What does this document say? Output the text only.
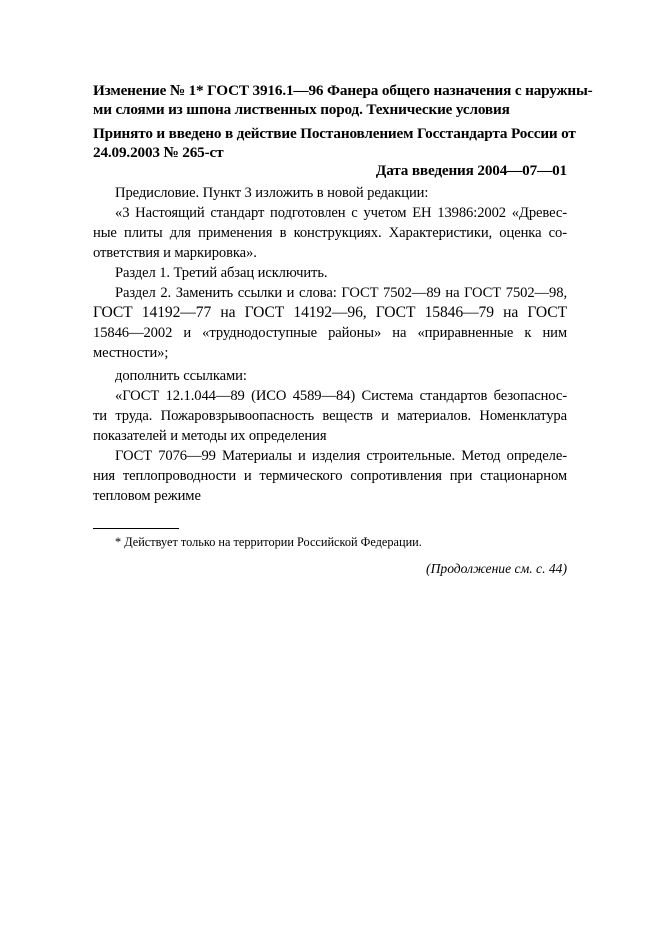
Изменение № 1* ГОСТ 3916.1—96 Фанера общего назначения с наружны-
ми слоями из шпона лиственных пород. Технические условия
Принято и введено в действие Постановлением Госстандарта России от
24.09.2003 № 265-ст
Дата введения 2004—07—01
Предисловие. Пункт 3 изложить в новой редакции:
«3 Настоящий стандарт подготовлен с учетом ЕН 13986:2002 «Древес-
ные плиты для применения в конструкциях. Характеристики, оценка со-
ответствия и маркировка».
Раздел 1. Третий абзац исключить.
Раздел 2. Заменить ссылки и слова: ГОСТ 7502—89 на ГОСТ 7502—98,
ГОСТ 14192—77 на ГОСТ 14192—96, ГОСТ 15846—79 на ГОСТ
15846—2002 и «труднодоступные районы» на «приравненные к ним
местности»;
дополнить ссылками:
«ГОСТ 12.1.044—89 (ИСО 4589—84) Система стандартов безопаснос-
ти труда. Пожаровзрывоопасность веществ и материалов. Номенклатура
показателей и методы их определения
ГОСТ 7076—99 Материалы и изделия строительные. Метод определе-
ния теплопроводности и термического сопротивления при стационарном
тепловом режиме
* Действует только на территории Российской Федерации.
(Продолжение см. с. 44)
